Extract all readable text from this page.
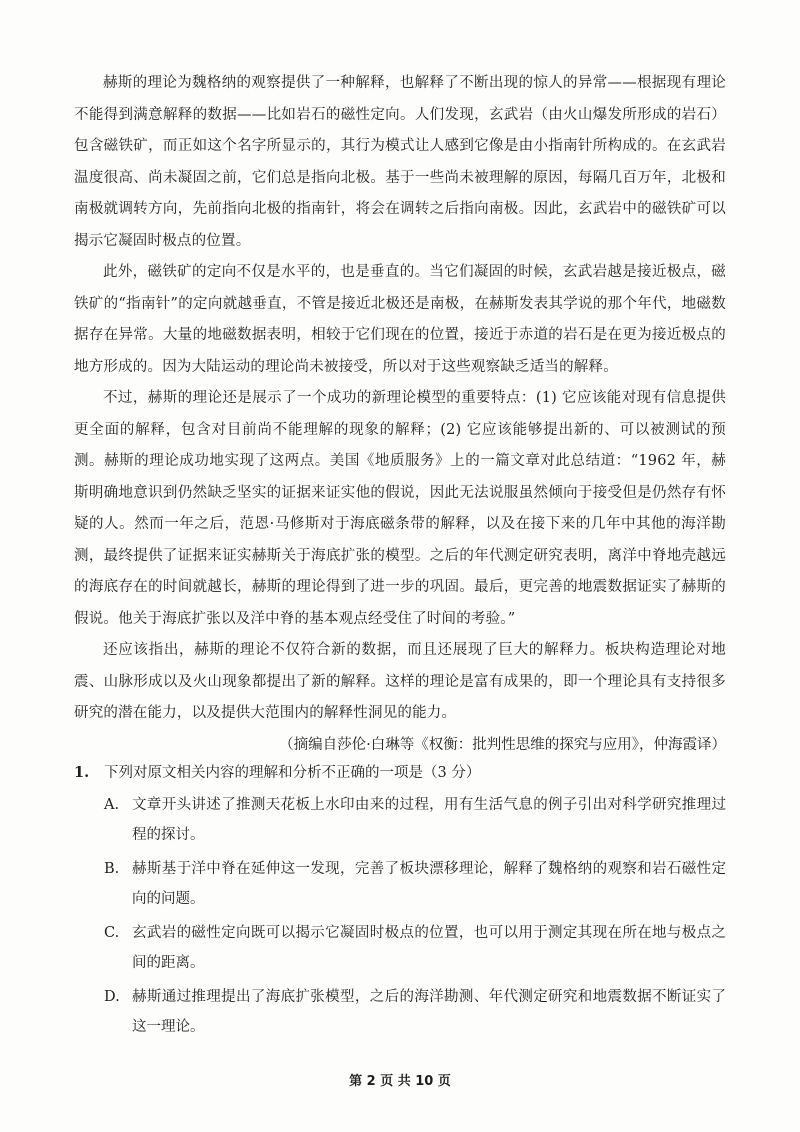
赫斯的理论为魏格纳的观察提供了一种解释，也解释了不断出现的惊人的异常——根据现有理论不能得到满意解释的数据——比如岩石的磁性定向。人们发现，玄武岩（由火山爆发所形成的岩石）包含磁铁矿，而正如这个名字所显示的，其行为模式让人感到它像是由小指南针所构成的。在玄武岩温度很高、尚未凝固之前，它们总是指向北极。基于一些尚未被理解的原因，每隔几百万年，北极和南极就调转方向，先前指向北极的指南针，将会在调转之后指向南极。因此，玄武岩中的磁铁矿可以揭示它凝固时极点的位置。

此外，磁铁矿的定向不仅是水平的，也是垂直的。当它们凝固的时候，玄武岩越是接近极点，磁铁矿的“指南针”的定向就越垂直，不管是接近北极还是南极，在赫斯发表其学说的那个年代，地磁数据存在异常。大量的地磁数据表明，相较于它们现在的位置，接近于赤道的岩石是在更为接近极点的地方形成的。因为大陆运动的理论尚未被接受，所以对于这些观察缺乏适当的解释。

不过，赫斯的理论还是展示了一个成功的新理论模型的重要特点：(1) 它应该能对现有信息提供更全面的解释，包含对目前尚不能理解的现象的解释；(2) 它应该能够提出新的、可以被测试的预测。赫斯的理论成功地实现了这两点。美国《地质服务》上的一篇文章对此总结道：“1962 年，赫斯明确地意识到仍然缺乏坚实的证据来证实他的假说，因此无法说服虽然倾向于接受但是仍然存有怀疑的人。然而一年之后，范恩·马修斯对于海底磁条带的解释，以及在接下来的几年中其他的海洋勘测，最终提供了证据来证实赫斯关于海底扩张的模型。之后的年代测定研究表明，离洋中脊地壳越远的海底存在的时间就越长，赫斯的理论得到了进一步的巩固。最后，更完善的地震数据证实了赫斯的假说。他关于海底扩张以及洋中脊的基本观点经受住了时间的考验。”

还应该指出，赫斯的理论不仅符合新的数据，而且还展现了巨大的解释力。板块构造理论对地震、山脉形成以及火山现象都提出了新的解释。这样的理论是富有成果的，即一个理论具有支持很多研究的潜在能力，以及提供大范围内的解释性洞见的能力。

（摘编自莎伦·白琳等《权衡：批判性思维的探究与应用》，仲海霞译）

1.	下列对原文相关内容的理解和分析不正确的一项是（3 分）

A. 文章开头讲述了推测天花板上水印由来的过程，用有生活气息的例子引出对科学研究推理过程的探讨。
B. 赫斯基于洋中脊在延伸这一发现，完善了板块漂移理论，解释了魏格纳的观察和岩石磁性定向的问题。
C. 玄武岩的磁性定向既可以揭示它凝固时极点的位置，也可以用于测定其现在所在地与极点之间的距离。
D. 赫斯通过推理提出了海底扩张模型，之后的海洋勘测、年代测定研究和地震数据不断证实了这一理论。
第 2 页 共 10 页
